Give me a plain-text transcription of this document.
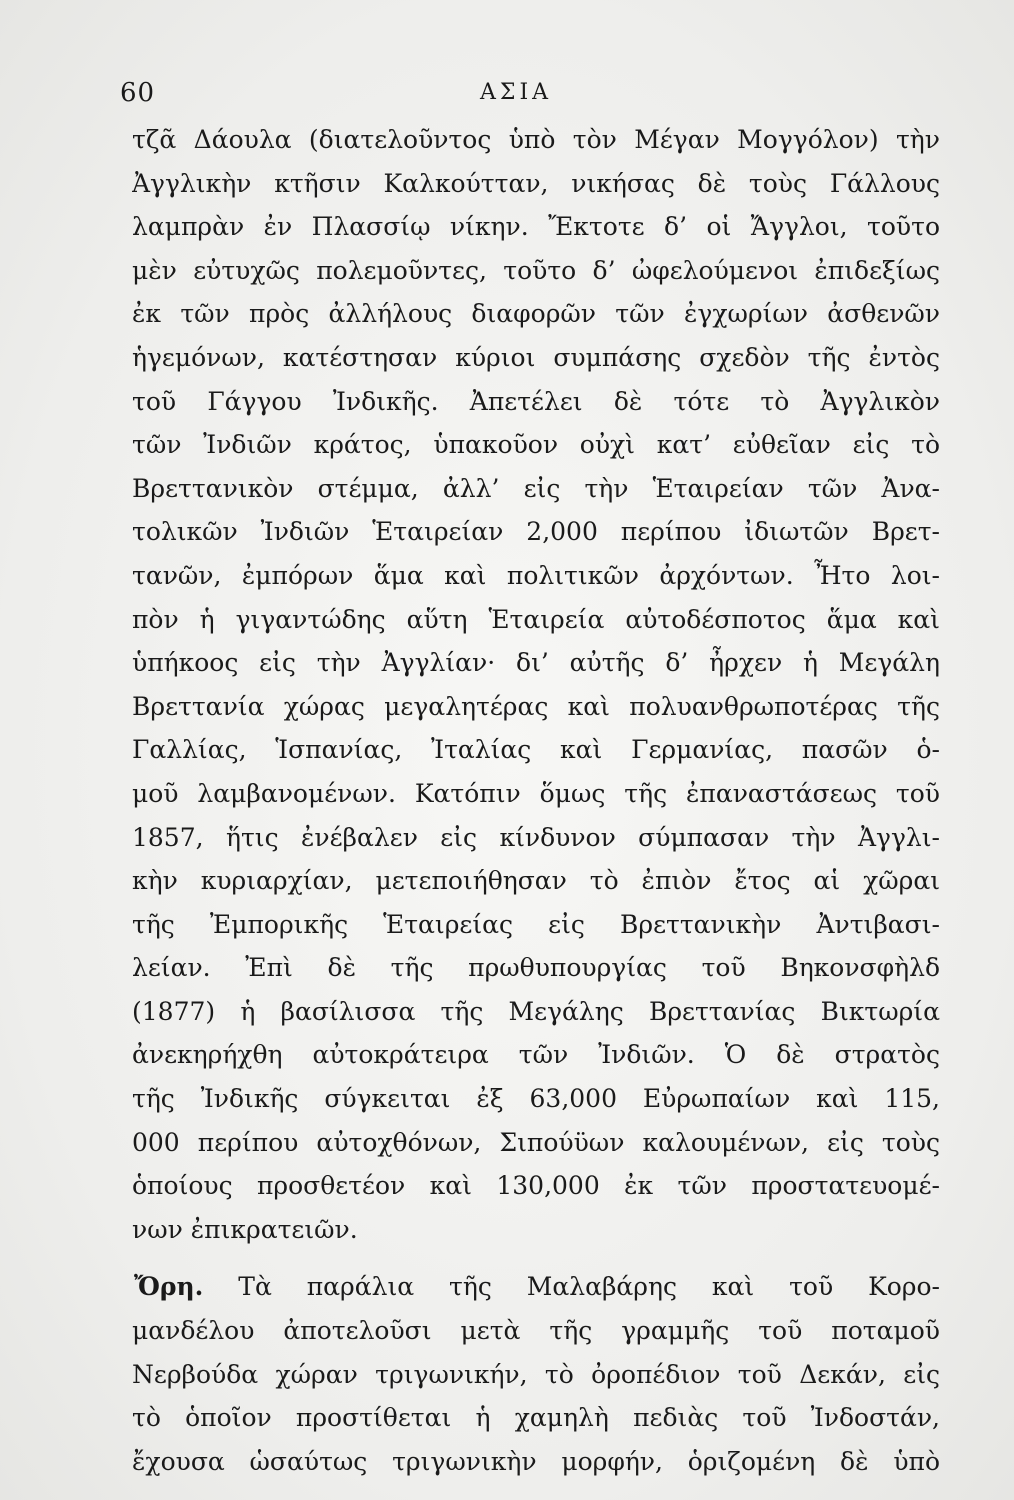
60	ΑΣΙΑ
τζᾶ Δάουλα (διατελοῦντος ὑπὸ τὸν Μέγαν Μογγόλον) τὴν
Ἀγγλικὴν κτῆσιν Καλκούτταν, νικήσας δὲ τοὺς Γάλλους
λαμπρὰν ἐν Πλασσίῳ νίκην. Ἔκτοτε δ’ οἱ Ἄγγλοι, τοῦτο
μὲν εὐτυχῶς πολεμοῦντες, τοῦτο δ’ ὠφελούμενοι ἐπιδεξίως
ἐκ τῶν πρὸς ἀλλήλους διαφορῶν τῶν ἐγχωρίων ἀσθενῶν
ἡγεμόνων, κατέστησαν κύριοι συμπάσης σχεδὸν τῆς ἐντὸς
τοῦ Γάγγου Ἰνδικῆς. Ἀπετέλει δὲ τότε τὸ Ἀγγλικὸν
τῶν Ἰνδιῶν κράτος, ὑπακοῦον οὐχὶ κατ’ εὐθεῖαν εἰς τὸ
Βρεττανικὸν στέμμα, ἀλλ’ εἰς τὴν Ἑταιρείαν τῶν Ἀνα-
τολικῶν Ἰνδιῶν Ἑταιρείαν 2,000 περίπου ἰδιωτῶν Βρετ-
τανῶν, ἐμπόρων ἅμα καὶ πολιτικῶν ἀρχόντων. Ἦτο λοι-
πὸν ἡ γιγαντώδης αὕτη Ἑταιρεία αὐτοδέσποτος ἅμα καὶ
ὑπήκοος εἰς τὴν Ἀγγλίαν· δι’ αὐτῆς δ’ ἦρχεν ἡ Μεγάλη
Βρεττανία χώρας μεγαλητέρας καὶ πολυανθρωποτέρας τῆς
Γαλλίας, Ἱσπανίας, Ἰταλίας καὶ Γερμανίας, πασῶν ὁ-
μοῦ λαμβανομένων. Κατόπιν ὅμως τῆς ἐπαναστάσεως τοῦ
1857, ἥτις ἐνέβαλεν εἰς κίνδυνον σύμπασαν τὴν Ἀγγλι-
κὴν κυριαρχίαν, μετεποιήθησαν τὸ ἐπιὸν ἔτος αἱ χῶραι
τῆς Ἐμπορικῆς Ἑταιρείας εἰς Βρεττανικὴν Ἀντιβασι-
λείαν. Ἐπὶ δὲ τῆς πρωθυπουργίας τοῦ Βηκονσφὴλδ
(1877) ἡ βασίλισσα τῆς Μεγάλης Βρεττανίας Βικτωρία
ἀνεκηρήχθη αὐτοκράτειρα τῶν Ἰνδιῶν. Ὁ δὲ στρατὸς
τῆς Ἰνδικῆς σύγκειται ἐξ 63,000 Εὐρωπαίων καὶ 115,
000 περίπου αὐτοχθόνων, Σιπούϋων καλουμένων, εἰς τοὺς
ὁποίους προσθετέον καὶ 130,000 ἐκ τῶν προστατευομέ-
νων ἐπικρατειῶν.
Ὄρη. Τὰ παράλια τῆς Μαλαβάρης καὶ τοῦ Κορο-
μανδέλου ἀποτελοῦσι μετὰ τῆς γραμμῆς τοῦ ποταμοῦ
Νερβούδα χώραν τριγωνικήν, τὸ ὀροπέδιον τοῦ Δεκάν, εἰς
τὸ ὁποῖον προστίθεται ἡ χαμηλὴ πεδιὰς τοῦ Ἰνδοστάν,
ἔχουσα ὡσαύτως τριγωνικὴν μορφήν, ὁριζομένη δὲ ὑπὸ
